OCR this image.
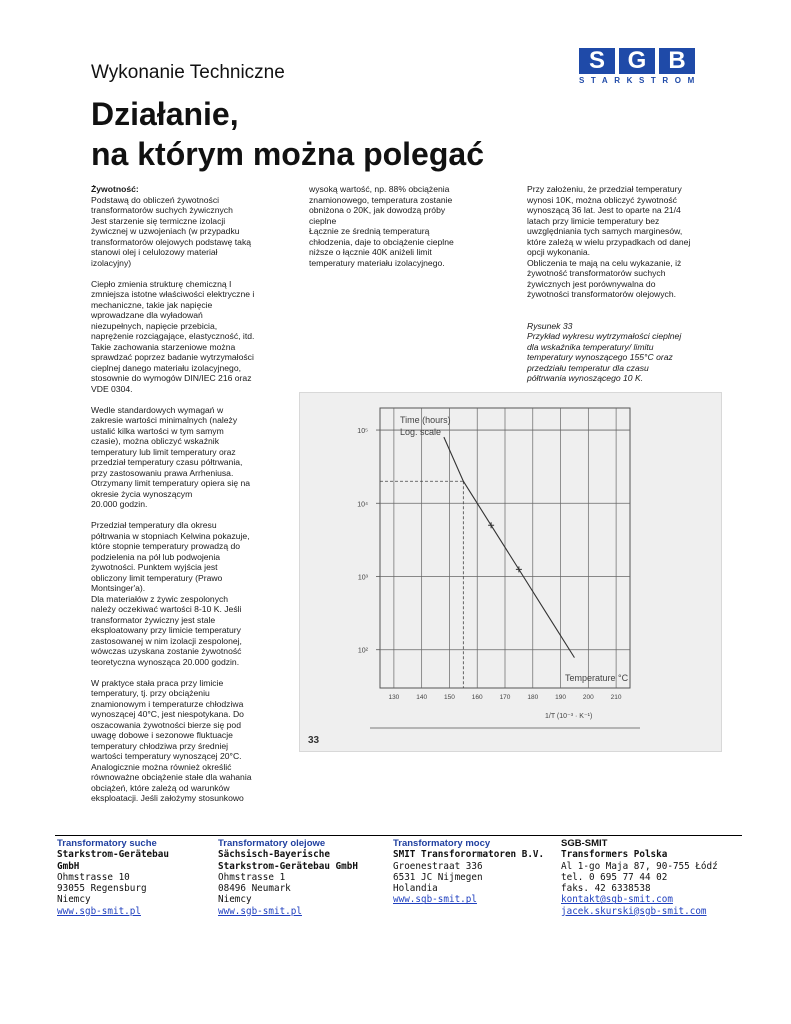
S G B
STARKSTROM
Wykonanie Techniczne
Działanie,
na którym można polegać

Żywotność:

Podstawą do obliczeń żywotności
transformatorów suchych żywicznych
Jest starzenie się termiczne izolacji
żywicznej w uzwojeniach (w przypadku
transformatorów olejowych podstawę taką
stanowi olej i celulozowy materiał
izolacyjny)

Ciepło zmienia strukturę chemiczną I
zmniejsza istotne właściwości elektryczne i
mechaniczne, takie jak napięcie
wprowadzane dla wyładowań
niezupełnych, napięcie przebicia,
naprężenie rozciągające, elastyczność, itd.
Takie zachowania starzeniowe można
sprawdzać poprzez badanie wytrzymałości
cieplnej danego materiału izolacyjnego,
stosownie do wymogów DIN/IEC 216 oraz
VDE 0304.

Wedle standardowych wymagań w
zakresie wartości minimalnych (należy
ustalić kilka wartości w tym samym
czasie), można obliczyć wskaźnik
temperatury lub limit temperatury oraz
przedział temperatury czasu półtrwania,
przy zastosowaniu prawa Arrheniusa.
Otrzymany limit temperatury opiera się na
okresie życia wynoszącym
20.000 godzin.

Przedział temperatury dla okresu
półtrwania w stopniach Kelwina pokazuje,
które stopnie temperatury prowadzą do
podzielenia na pół lub podwojenia
żywotności. Punktem wyjścia jest
obliczony limit temperatury (Prawo
Montsinger'a).
Dla materiałów z żywic zespolonych
należy oczekiwać wartości 8-10 K. Jeśli
transformator żywiczny jest stale
eksploatowany przy limicie temperatury
zastosowanej w nim izolacji zespolonej,
wówczas uzyskana zostanie żywotność
teoretyczna wynosząca 20.000 godzin.

W praktyce stała praca przy limicie
temperatury, tj. przy obciążeniu
znamionowym i temperaturze chłodziwa
wynoszącej 40°C, jest niespotykana. Do
oszacowania żywotności bierze się pod
uwagę dobowe i sezonowe fluktuacje
temperatury chłodziwa przy średniej
wartości temperatury wynoszącej 20°C.
Analogicznie można również określić
równoważne obciążenie stałe dla wahania
obciążeń, które zależą od warunków
eksploatacji. Jeśli założymy stosunkowo

wysoką wartość, np. 88% obciążenia
znamionowego, temperatura zostanie
obniżona o 20K, jak dowodzą próby
cieplne
Łącznie ze średnią temperaturą
chłodzenia, daje to obciążenie cieplne
niższe o łącznie 40K aniżeli limit
temperatury materiału izolacyjnego.

Przy założeniu, że przedział temperatury
wynosi 10K, można obliczyć żywotność
wynoszącą 36 lat. Jest to oparte na 21/4
latach przy limicie temperatury bez
uwzględniania tych samych marginesów,
które zależą w wielu przypadkach od danej
opcji wykonania.
Obliczenia te mają na celu wykazanie, iż
żywotność transformatorów suchych
żywicznych jest porównywalna do
żywotności transformatorów olejowych.

Rysunek 33
Przykład wykresu wytrzymałości cieplnej
dla wskaźnika temperatury/ limitu
temperatury wynoszącego 155°C oraz
przedziału temperatur dla czasu
półtrwania wynoszącego 10 K.

10⁵
10⁴
10³
10²
130	140	150	160	170	180	190	200	210
Time (hours)
Log. scale
Temperature °C
1/T (10⁻³ · K⁻¹)
33
Transformatory suche
Starkstrom-Gerätebau
GmbH
Ohmstrasse 10
93055 Regensburg
Niemcy
www.sgb-smit.pl
Transformatory olejowe
Sächsisch-Bayerische
Starkstrom-Gerätebau GmbH
Ohmstrasse 1
08496 Neumark
Niemcy
www.sgb-smit.pl
Transformatory mocy
SMIT Transforormatoren B.V.
Groenestraat 336
6531 JC Nijmegen
Holandia
www.sgb-smit.pl
SGB-SMIT
Transformers Polska
Al 1-go Maja 87, 90-755 Łódź
tel. 0 695 77 44 02
faks. 42 6338538
kontakt@sgb-smit.com
jacek.skurski@sgb-smit.com
